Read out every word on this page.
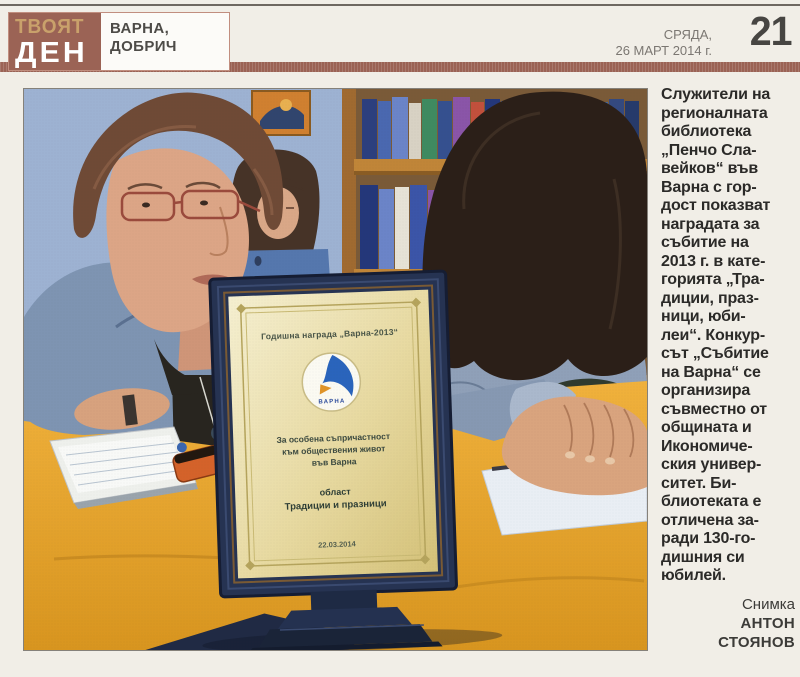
ТВОЯТ
ДЕН
ВАРНА,
ДОБРИЧ
СРЯДА,
26 МАРТ 2014 г. 21
Служители на
регионалната
библиотека
„Пенчо Сла-
вейков“ във
Варна с гор-
дост показват
наградата за
събитие на
2013 г. в кате-
горията „Тра-
диции, праз-
ници, юби-
леи“. Конкур-
сът „Събитие
на Варна“ се
организира
съвместно от
общината и
Икономиче-
ския универ-
ситет. Би-
блиотеката е
отличена за-
ради 130-го-
дишния си
юбилей.
Снимка
АНТОН
СТОЯНОВ
